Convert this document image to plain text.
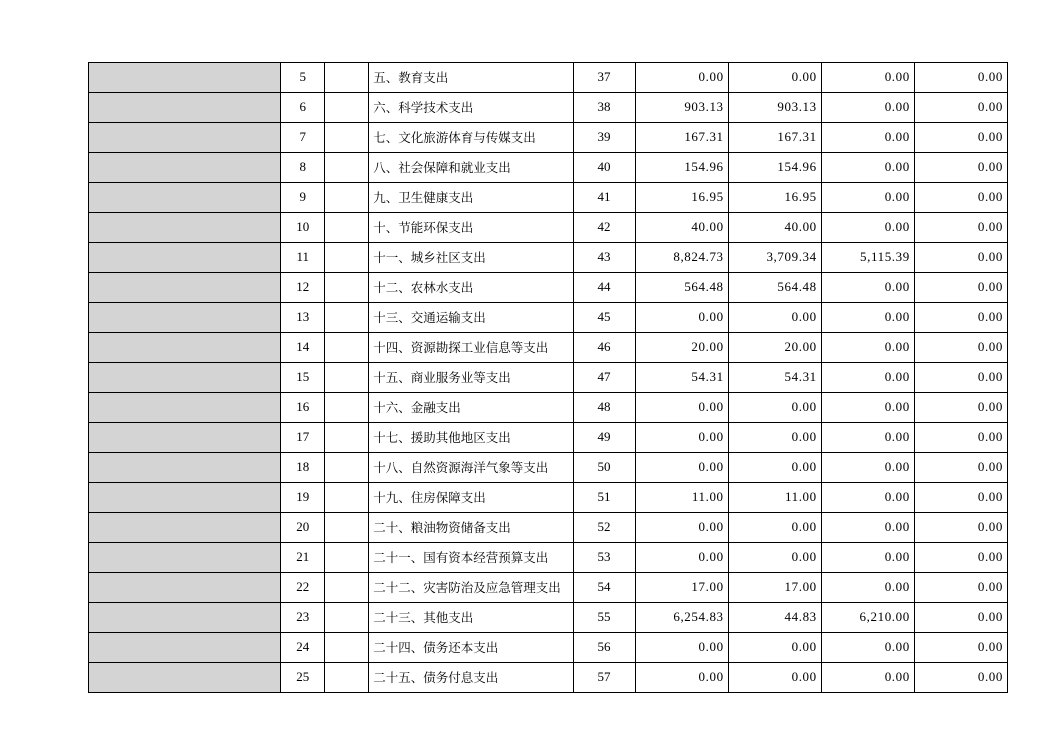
	5		五、教育支出	37	0.00	0.00	0.00	0.00
	6		六、科学技术支出	38	903.13	903.13	0.00	0.00
	7		七、文化旅游体育与传媒支出	39	167.31	167.31	0.00	0.00
	8		八、社会保障和就业支出	40	154.96	154.96	0.00	0.00
	9		九、卫生健康支出	41	16.95	16.95	0.00	0.00
	10		十、节能环保支出	42	40.00	40.00	0.00	0.00
	11		十一、城乡社区支出	43	8,824.73	3,709.34	5,115.39	0.00
	12		十二、农林水支出	44	564.48	564.48	0.00	0.00
	13		十三、交通运输支出	45	0.00	0.00	0.00	0.00
	14		十四、资源勘探工业信息等支出	46	20.00	20.00	0.00	0.00
	15		十五、商业服务业等支出	47	54.31	54.31	0.00	0.00
	16		十六、金融支出	48	0.00	0.00	0.00	0.00
	17		十七、援助其他地区支出	49	0.00	0.00	0.00	0.00
	18		十八、自然资源海洋气象等支出	50	0.00	0.00	0.00	0.00
	19		十九、住房保障支出	51	11.00	11.00	0.00	0.00
	20		二十、粮油物资储备支出	52	0.00	0.00	0.00	0.00
	21		二十一、国有资本经营预算支出	53	0.00	0.00	0.00	0.00
	22		二十二、灾害防治及应急管理支出	54	17.00	17.00	0.00	0.00
	23		二十三、其他支出	55	6,254.83	44.83	6,210.00	0.00
	24		二十四、债务还本支出	56	0.00	0.00	0.00	0.00
	25		二十五、债务付息支出	57	0.00	0.00	0.00	0.00
